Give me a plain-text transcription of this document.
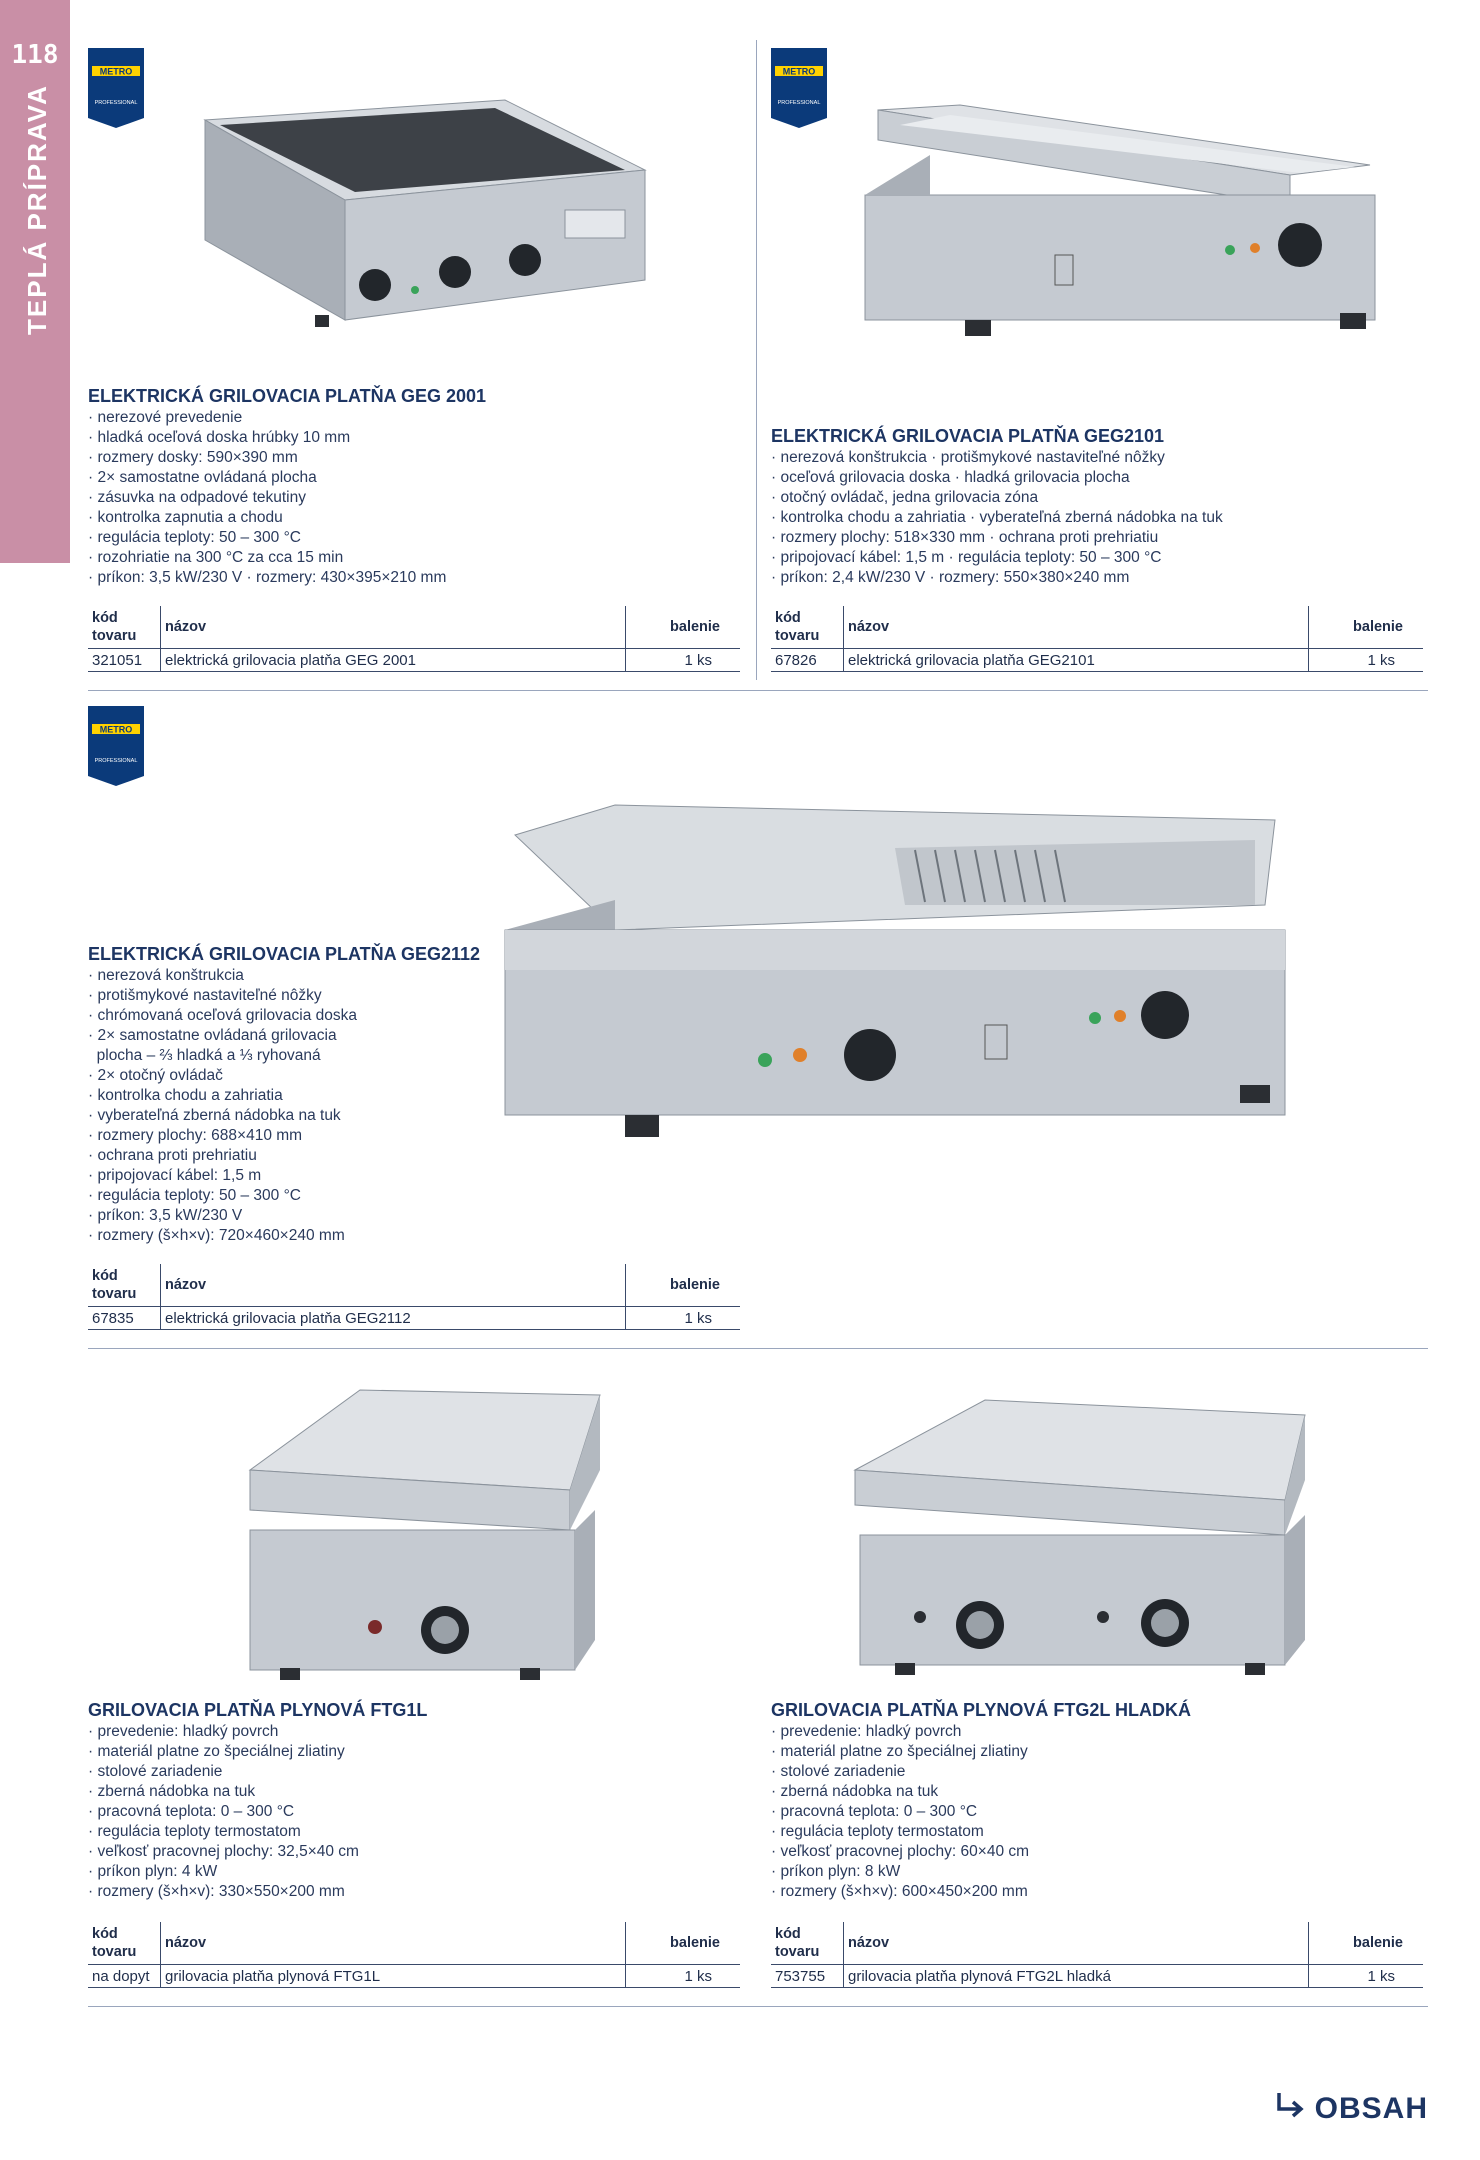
118
TEPLÁ PRÍPRAVA
METRO
PROFESSIONAL
ELEKTRICKÁ GRILOVACIA PLATŇA GEG 2001
· nerezové prevedenie
· hladká oceľová doska hrúbky 10 mm
· rozmery dosky: 590×390 mm
· 2× samostatne ovládaná plocha
· zásuvka na odpadové tekutiny
· kontrolka zapnutia a chodu
· regulácia teploty: 50 – 300 °C
· rozohriatie na 300 °C za cca 15 min
· príkon: 3,5 kW/230 V · rozmery: 430×395×210 mm
kód tovaru	názov	balenie
321051	elektrická grilovacia platňa GEG 2001	1 ks
METRO
PROFESSIONAL
ELEKTRICKÁ GRILOVACIA PLATŇA GEG2101
· nerezová konštrukcia · protišmykové nastaviteľné nôžky
· oceľová grilovacia doska · hladká grilovacia plocha
· otočný ovládač, jedna grilovacia zóna
· kontrolka chodu a zahriatia · vyberateľná zberná nádobka na tuk
· rozmery plochy: 518×330 mm · ochrana proti prehriatiu
· pripojovací kábel: 1,5 m · regulácia teploty: 50 – 300 °C
· príkon: 2,4 kW/230 V · rozmery: 550×380×240 mm
kód tovaru	názov	balenie
67826	elektrická grilovacia platňa GEG2101	1 ks
METRO
PROFESSIONAL
ELEKTRICKÁ GRILOVACIA PLATŇA GEG2112
· nerezová konštrukcia
· protišmykové nastaviteľné nôžky
· chrómovaná oceľová grilovacia doska
· 2× samostatne ovládaná grilovacia
plocha – ⅔ hladká a ⅓ ryhovaná
· 2× otočný ovládač
· kontrolka chodu a zahriatia
· vyberateľná zberná nádobka na tuk
· rozmery plochy: 688×410 mm
· ochrana proti prehriatiu
· pripojovací kábel: 1,5 m
· regulácia teploty: 50 – 300 °C
· príkon: 3,5 kW/230 V
· rozmery (š×h×v): 720×460×240 mm
kód tovaru	názov	balenie
67835	elektrická grilovacia platňa GEG2112	1 ks
GRILOVACIA PLATŇA PLYNOVÁ FTG1L
· prevedenie: hladký povrch
· materiál platne zo špeciálnej zliatiny
· stolové zariadenie
· zberná nádobka na tuk
· pracovná teplota: 0 – 300 °C
· regulácia teploty termostatom
· veľkosť pracovnej plochy: 32,5×40 cm
· príkon plyn: 4 kW
· rozmery (š×h×v): 330×550×200 mm
kód tovaru	názov	balenie
na dopyt	grilovacia platňa plynová FTG1L	1 ks
GRILOVACIA PLATŇA PLYNOVÁ FTG2L HLADKÁ
· prevedenie: hladký povrch
· materiál platne zo špeciálnej zliatiny
· stolové zariadenie
· zberná nádobka na tuk
· pracovná teplota: 0 – 300 °C
· regulácia teploty termostatom
· veľkosť pracovnej plochy: 60×40 cm
· príkon plyn: 8 kW
· rozmery (š×h×v): 600×450×200 mm
kód tovaru	názov	balenie
753755	grilovacia platňa plynová FTG2L hladká	1 ks
OBSAH
